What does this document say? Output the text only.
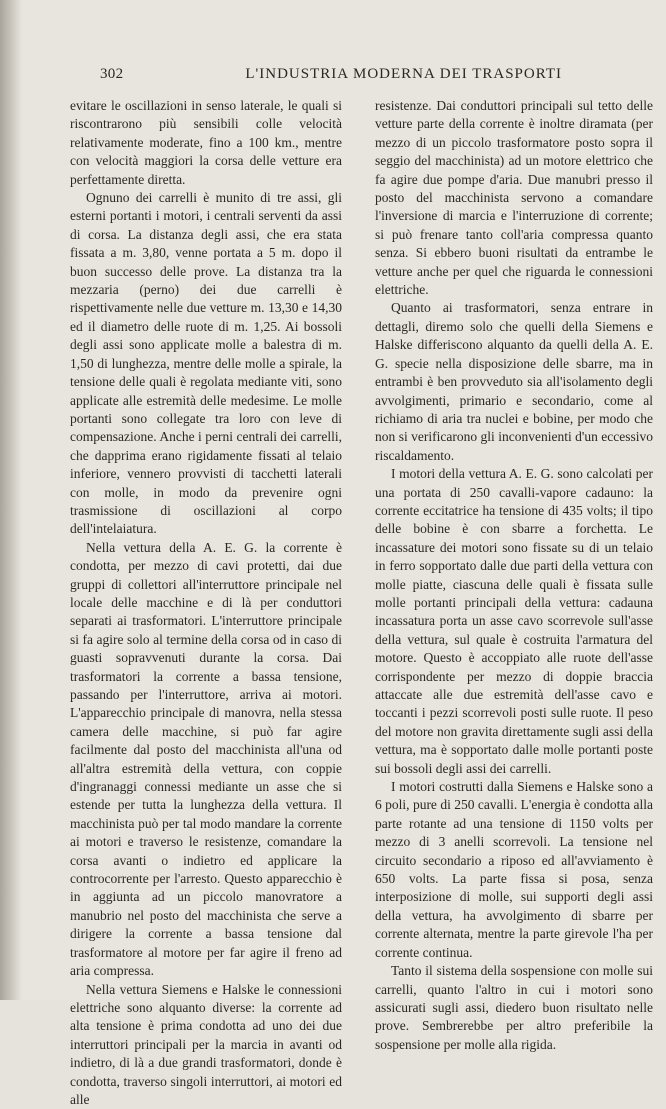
302	L'INDUSTRIA MODERNA DEI TRASPORTI

evitare le oscillazioni in senso laterale, le quali si riscontrarono più sensibili colle velocità relativamente moderate, fino a 100 km., mentre con velocità maggiori la corsa delle vetture era perfettamente diretta.

Ognuno dei carrelli è munito di tre assi, gli esterni portanti i motori, i centrali serventi da assi di corsa. La distanza degli assi, che era stata fissata a m. 3,80, venne portata a 5 m. dopo il buon successo delle prove. La distanza tra la mezzaria (perno) dei due carrelli è rispettivamente nelle due vetture m. 13,30 e 14,30 ed il diametro delle ruote di m. 1,25. Ai bossoli degli assi sono applicate molle a balestra di m. 1,50 di lunghezza, mentre delle molle a spirale, la tensione delle quali è regolata mediante viti, sono applicate alle estremità delle medesime. Le molle portanti sono collegate tra loro con leve di compensazione. Anche i perni centrali dei carrelli, che dapprima erano rigidamente fissati al telaio inferiore, vennero provvisti di tacchetti laterali con molle, in modo da prevenire ogni trasmissione di oscillazioni al corpo dell'intelaiatura.

Nella vettura della A. E. G. la corrente è condotta, per mezzo di cavi protetti, dai due gruppi di collettori all'interruttore principale nel locale delle macchine e di là per conduttori separati ai trasformatori. L'interruttore principale si fa agire solo al termine della corsa od in caso di guasti sopravvenuti durante la corsa. Dai trasformatori la corrente a bassa tensione, passando per l'interruttore, arriva ai motori. L'apparecchio principale di manovra, nella stessa camera delle macchine, si può far agire facilmente dal posto del macchinista all'una od all'altra estremità della vettura, con coppie d'ingranaggi connessi mediante un asse che si estende per tutta la lunghezza della vettura. Il macchinista può per tal modo mandare la corrente ai motori e traverso le resistenze, comandare la corsa avanti o indietro ed applicare la controcorrente per l'arresto. Questo apparecchio è in aggiunta ad un piccolo manovratore a manubrio nel posto del macchinista che serve a dirigere la corrente a bassa tensione dal trasformatore al motore per far agire il freno ad aria compressa.

Nella vettura Siemens e Halske le connessioni elettriche sono alquanto diverse: la corrente ad alta tensione è prima condotta ad uno dei due interruttori principali per la marcia in avanti od indietro, di là a due grandi trasformatori, donde è condotta, traverso singoli interruttori, ai motori ed alle

resistenze. Dai conduttori principali sul tetto delle vetture parte della corrente è inoltre diramata (per mezzo di un piccolo trasformatore posto sopra il seggio del macchinista) ad un motore elettrico che fa agire due pompe d'aria. Due manubri presso il posto del macchinista servono a comandare l'inversione di marcia e l'interruzione di corrente; si può frenare tanto coll'aria compressa quanto senza. Si ebbero buoni risultati da entrambe le vetture anche per quel che riguarda le connessioni elettriche.

Quanto ai trasformatori, senza entrare in dettagli, diremo solo che quelli della Siemens e Halske differiscono alquanto da quelli della A. E. G. specie nella disposizione delle sbarre, ma in entrambi è ben provveduto sia all'isolamento degli avvolgimenti, primario e secondario, come al richiamo di aria tra nuclei e bobine, per modo che non si verificarono gli inconvenienti d'un eccessivo riscaldamento.

I motori della vettura A. E. G. sono calcolati per una portata di 250 cavalli-vapore cadauno: la corrente eccitatrice ha tensione di 435 volts; il tipo delle bobine è con sbarre a forchetta. Le incassature dei motori sono fissate su di un telaio in ferro sopportato dalle due parti della vettura con molle piatte, ciascuna delle quali è fissata sulle molle portanti principali della vettura: cadauna incassatura porta un asse cavo scorrevole sull'asse della vettura, sul quale è costruita l'armatura del motore. Questo è accoppiato alle ruote dell'asse corrispondente per mezzo di doppie braccia attaccate alle due estremità dell'asse cavo e toccanti i pezzi scorrevoli posti sulle ruote. Il peso del motore non gravita direttamente sugli assi della vettura, ma è sopportato dalle molle portanti poste sui bossoli degli assi dei carrelli.

I motori costrutti dalla Siemens e Halske sono a 6 poli, pure di 250 cavalli. L'energia è condotta alla parte rotante ad una tensione di 1150 volts per mezzo di 3 anelli scorrevoli. La tensione nel circuito secondario a riposo ed all'avviamento è 650 volts. La parte fissa si posa, senza interposizione di molle, sui supporti degli assi della vettura, ha avvolgimento di sbarre per corrente alternata, mentre la parte girevole l'ha per corrente continua.

Tanto il sistema della sospensione con molle sui carrelli, quanto l'altro in cui i motori sono assicurati sugli assi, diedero buon risultato nelle prove. Sembrerebbe per altro preferibile la sospensione per molle alla rigida.
